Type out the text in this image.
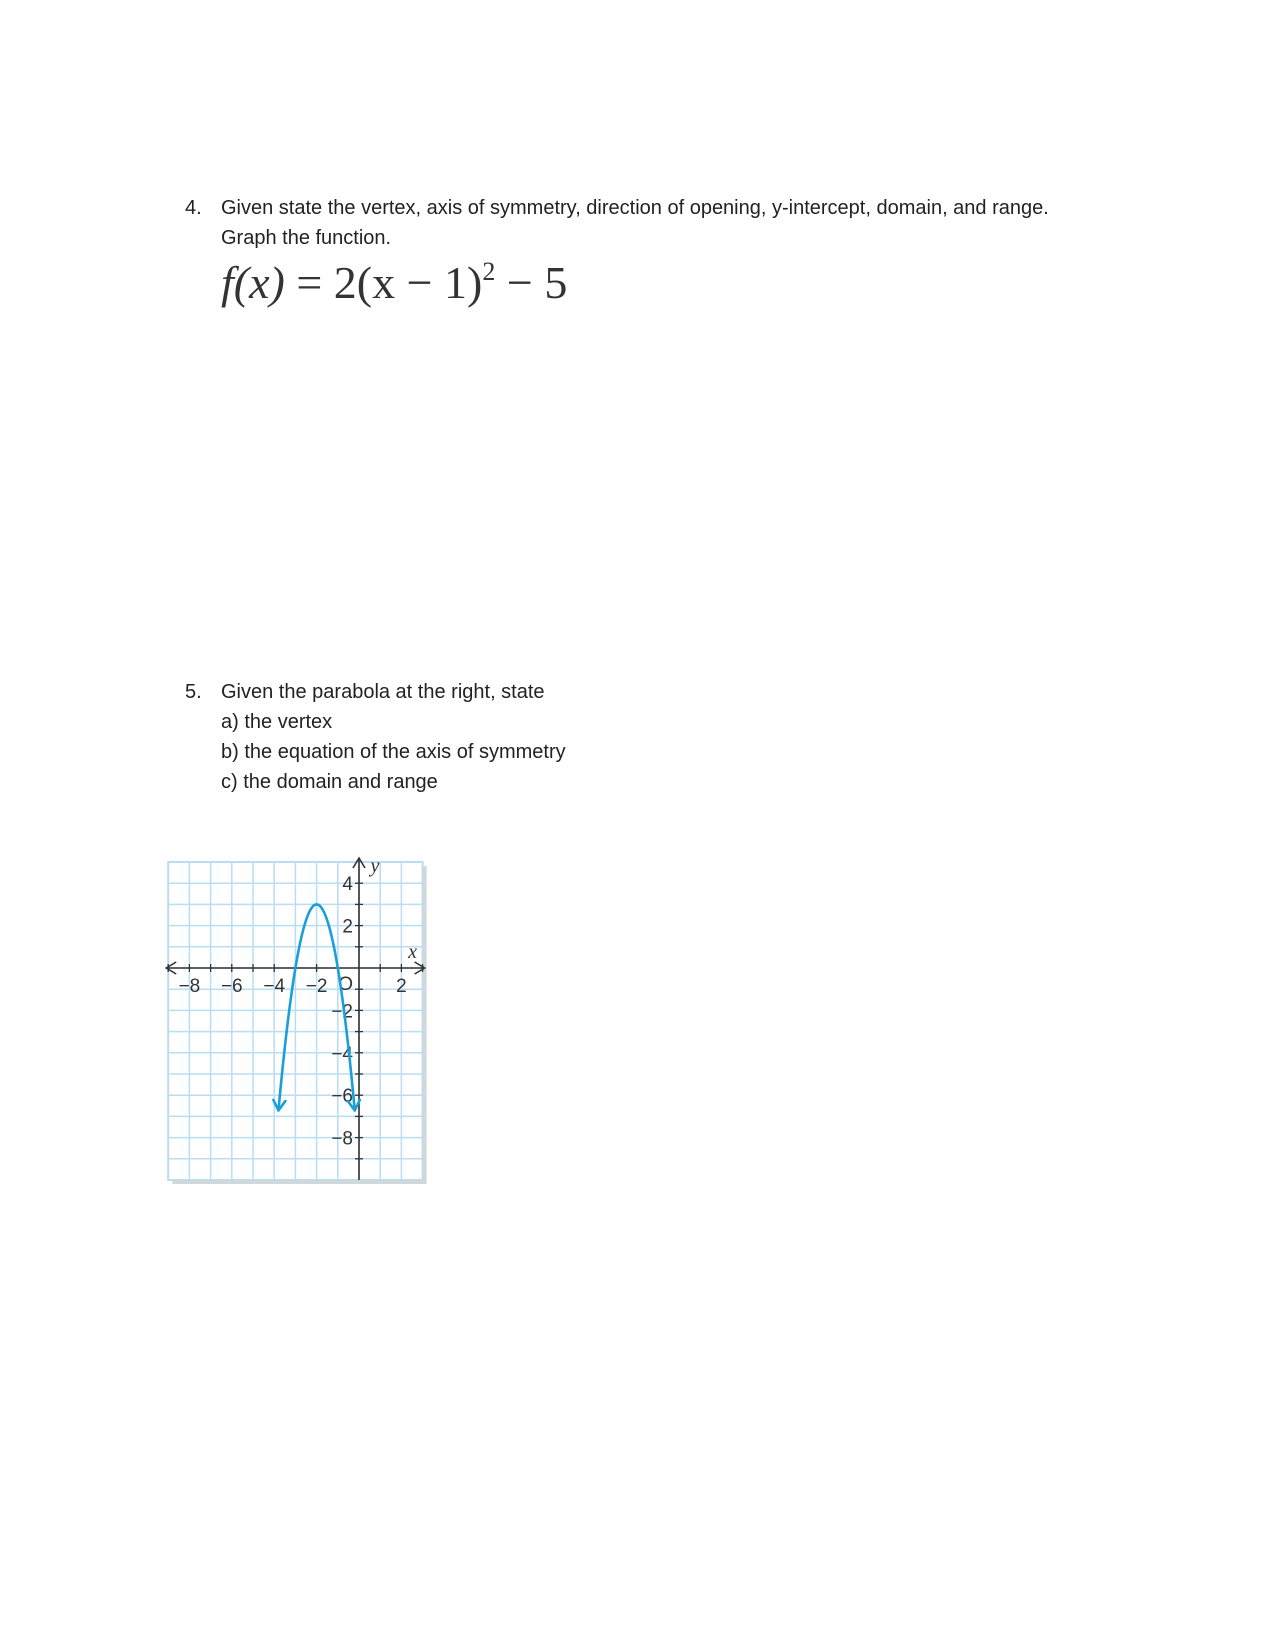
4. Given state the vertex, axis of symmetry, direction of opening, y-intercept, domain, and range.
Graph the function.
$f(x) = 2(x - 1)^2 - 5$
5. Given the parabola at the right, state
a) the vertex
b) the equation of the axis of symmetry
c) the domain and range
−8 −6 −4 −2	2
4
2
−2
−4
−6
−8
O
x
y
